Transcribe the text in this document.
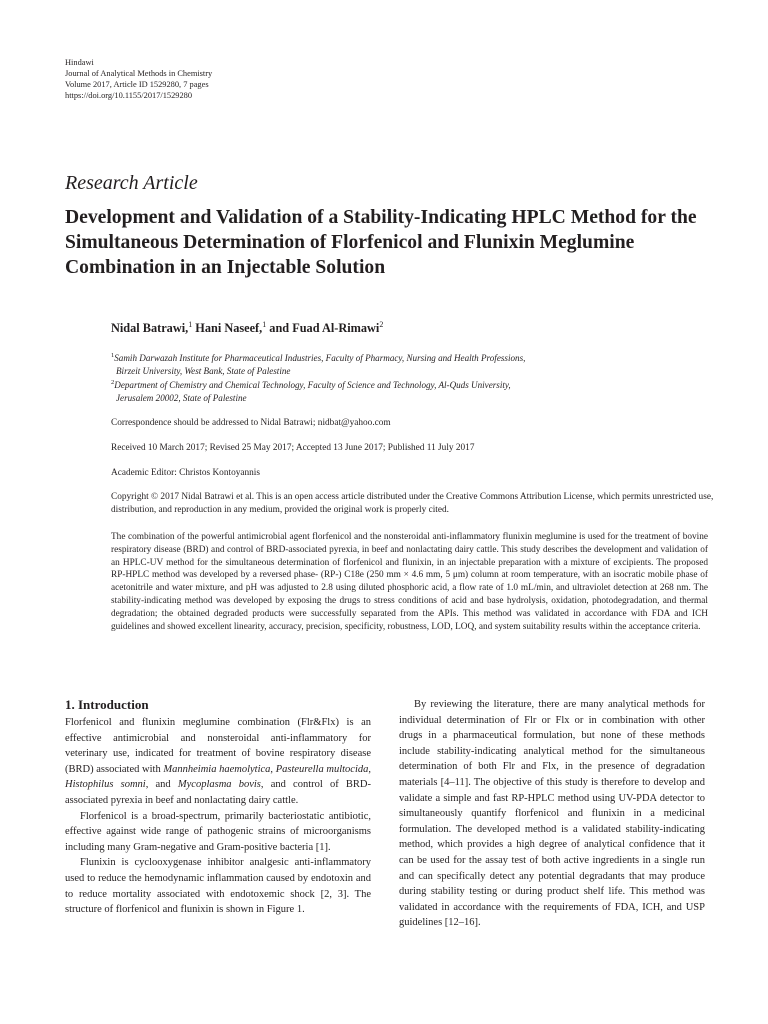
Hindawi
Journal of Analytical Methods in Chemistry
Volume 2017, Article ID 1529280, 7 pages
https://doi.org/10.1155/2017/1529280
Research Article
Development and Validation of a Stability-Indicating HPLC Method for the Simultaneous Determination of Florfenicol and Flunixin Meglumine Combination in an Injectable Solution
Nidal Batrawi,$^1$ Hani Naseef,$^1$ and Fuad Al-Rimawi$^2$

$^1$Samih Darwazah Institute for Pharmaceutical Industries, Faculty of Pharmacy, Nursing and Health Professions,

Birzeit University, West Bank, State of Palestine

$^2$Department of Chemistry and Chemical Technology, Faculty of Science and Technology, Al-Quds University,

Jerusalem 20002, State of Palestine

Correspondence should be addressed to Nidal Batrawi; nidbat@yahoo.com
Received 10 March 2017; Revised 25 May 2017; Accepted 13 June 2017; Published 11 July 2017
Academic Editor: Christos Kontoyannis
Copyright © 2017 Nidal Batrawi et al. This is an open access article distributed under the Creative Commons Attribution License, which permits unrestricted use, distribution, and reproduction in any medium, provided the original work is properly cited.
The combination of the powerful antimicrobial agent florfenicol and the nonsteroidal anti-inflammatory flunixin meglumine is used for the treatment of bovine respiratory disease (BRD) and control of BRD-associated pyrexia, in beef and nonlactating dairy cattle. This study describes the development and validation of an HPLC-UV method for the simultaneous determination of florfenicol and flunixin, in an injectable preparation with a mixture of excipients. The proposed RP-HPLC method was developed by a reversed phase- (RP-) C18e (250 mm × 4.6 mm, 5 μm) column at room temperature, with an isocratic mobile phase of acetonitrile and water mixture, and pH was adjusted to 2.8 using diluted phosphoric acid, a flow rate of 1.0 mL/min, and ultraviolet detection at 268 nm. The stability-indicating method was developed by exposing the drugs to stress conditions of acid and base hydrolysis, oxidation, photodegradation, and thermal degradation; the obtained degraded products were successfully separated from the APIs. This method was validated in accordance with FDA and ICH guidelines and showed excellent linearity, accuracy, precision, specificity, robustness, LOD, LOQ, and system suitability results within the acceptance criteria.
1. Introduction

Florfenicol and flunixin meglumine combination (Flr&Flx) is an effective antimicrobial and nonsteroidal anti-inflammatory for veterinary use, indicated for treatment of bovine respiratory disease (BRD) associated with Mannheimia haemolytica, Pasteurella multocida, Histophilus somni, and Mycoplasma bovis, and control of BRD-associated pyrexia in beef and nonlactating dairy cattle.

Florfenicol is a broad-spectrum, primarily bacteriostatic antibiotic, effective against wide range of pathogenic strains of microorganisms including many Gram-negative and Gram-positive bacteria [1].

Flunixin is cyclooxygenase inhibitor analgesic anti-inflammatory used to reduce the hemodynamic inflammation caused by endotoxin and to reduce mortality associated with endotoxemic shock [2, 3]. The structure of florfenicol and flunixin is shown in Figure 1.

By reviewing the literature, there are many analytical methods for individual determination of Flr or Flx or in combination with other drugs in a pharmaceutical formulation, but none of these methods include stability-indicating analytical method for the simultaneous determination of both Flr and Flx, in the presence of degradation materials [4–11]. The objective of this study is therefore to develop and validate a simple and fast RP-HPLC method using UV-PDA detector to simultaneously quantify florfenicol and flunixin in a medicinal formulation. The developed method is a validated stability-indicating method, which provides a high degree of analytical confidence that it can be used for the assay test of both active ingredients in a single run and can specifically detect any potential degradants that may produce during stability testing or during product shelf life. This method was validated in accordance with the requirements of FDA, ICH, and USP guidelines [12–16].
